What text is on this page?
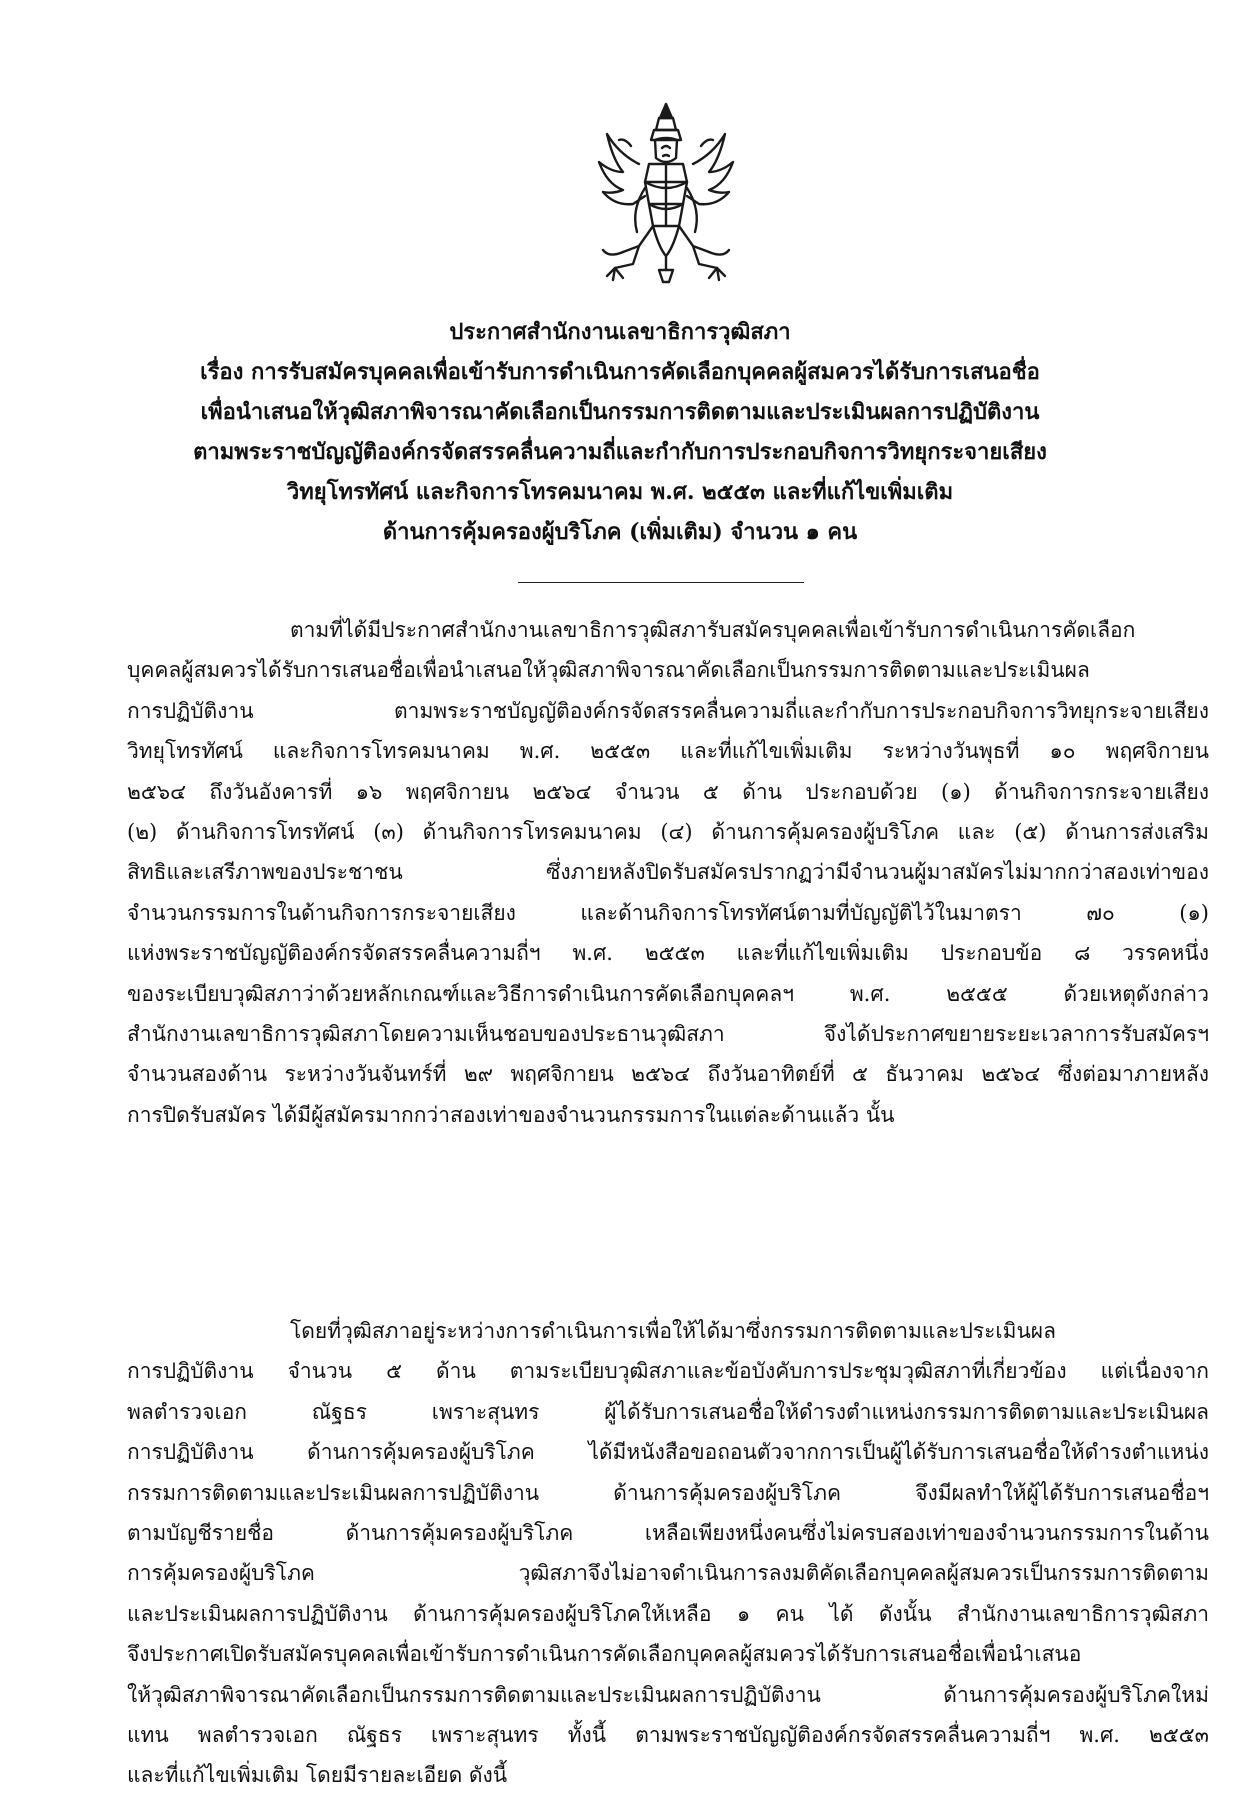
ประกาศสำนักงานเลขาธิการวุฒิสภา
เรื่อง การรับสมัครบุคคลเพื่อเข้ารับการดำเนินการคัดเลือกบุคคลผู้สมควรได้รับการเสนอชื่อ
เพื่อนำเสนอให้วุฒิสภาพิจารณาคัดเลือกเป็นกรรมการติดตามและประเมินผลการปฏิบัติงาน
ตามพระราชบัญญัติองค์กรจัดสรรคลื่นความถี่และกำกับการประกอบกิจการวิทยุกระจายเสียง
วิทยุโทรทัศน์ และกิจการโทรคมนาคม พ.ศ. ๒๕๕๓ และที่แก้ไขเพิ่มเติม
ด้านการคุ้มครองผู้บริโภค (เพิ่มเติม) จำนวน ๑ คน
ตามที่ได้มีประกาศสำนักงานเลขาธิการวุฒิสภารับสมัครบุคคลเพื่อเข้ารับการดำเนินการคัดเลือก
บุคคลผู้สมควรได้รับการเสนอชื่อเพื่อนำเสนอให้วุฒิสภาพิจารณาคัดเลือกเป็นกรรมการติดตามและประเมินผล
การปฏิบัติงาน ตามพระราชบัญญัติองค์กรจัดสรรคลื่นความถี่และกำกับการประกอบกิจการวิทยุกระจายเสียง
วิทยุโทรทัศน์ และกิจการโทรคมนาคม พ.ศ. ๒๕๕๓ และที่แก้ไขเพิ่มเติม ระหว่างวันพุธที่ ๑๐ พฤศจิกายน
๒๕๖๔ ถึงวันอังคารที่ ๑๖ พฤศจิกายน ๒๕๖๔ จำนวน ๕ ด้าน ประกอบด้วย (๑) ด้านกิจการกระจายเสียง
(๒) ด้านกิจการโทรทัศน์ (๓) ด้านกิจการโทรคมนาคม (๔) ด้านการคุ้มครองผู้บริโภค และ (๕) ด้านการส่งเสริม
สิทธิและเสรีภาพของประชาชน ซึ่งภายหลังปิดรับสมัครปรากฏว่ามีจำนวนผู้มาสมัครไม่มากกว่าสองเท่าของ
จำนวนกรรมการในด้านกิจการกระจายเสียง และด้านกิจการโทรทัศน์ตามที่บัญญัติไว้ในมาตรา ๗๐ (๑)
แห่งพระราชบัญญัติองค์กรจัดสรรคลื่นความถี่ฯ พ.ศ. ๒๕๕๓ และที่แก้ไขเพิ่มเติม ประกอบข้อ ๘ วรรคหนึ่ง
ของระเบียบวุฒิสภาว่าด้วยหลักเกณฑ์และวิธีการดำเนินการคัดเลือกบุคคลฯ พ.ศ. ๒๕๕๕ ด้วยเหตุดังกล่าว
สำนักงานเลขาธิการวุฒิสภาโดยความเห็นชอบของประธานวุฒิสภา จึงได้ประกาศขยายระยะเวลาการรับสมัครฯ
จำนวนสองด้าน ระหว่างวันจันทร์ที่ ๒๙ พฤศจิกายน ๒๕๖๔ ถึงวันอาทิตย์ที่ ๕ ธันวาคม ๒๕๖๔ ซึ่งต่อมาภายหลัง
การปิดรับสมัคร ได้มีผู้สมัครมากกว่าสองเท่าของจำนวนกรรมการในแต่ละด้านแล้ว นั้น
โดยที่วุฒิสภาอยู่ระหว่างการดำเนินการเพื่อให้ได้มาซึ่งกรรมการติดตามและประเมินผล
การปฏิบัติงาน จำนวน ๕ ด้าน ตามระเบียบวุฒิสภาและข้อบังคับการประชุมวุฒิสภาที่เกี่ยวข้อง แต่เนื่องจาก
พลตำรวจเอก ณัฐธร เพราะสุนทร ผู้ได้รับการเสนอชื่อให้ดำรงตำแหน่งกรรมการติดตามและประเมินผล
การปฏิบัติงาน ด้านการคุ้มครองผู้บริโภค ได้มีหนังสือขอถอนตัวจากการเป็นผู้ได้รับการเสนอชื่อให้ดำรงตำแหน่ง
กรรมการติดตามและประเมินผลการปฏิบัติงาน ด้านการคุ้มครองผู้บริโภค จึงมีผลทำให้ผู้ได้รับการเสนอชื่อฯ
ตามบัญชีรายชื่อ ด้านการคุ้มครองผู้บริโภค เหลือเพียงหนึ่งคนซึ่งไม่ครบสองเท่าของจำนวนกรรมการในด้าน
การคุ้มครองผู้บริโภค วุฒิสภาจึงไม่อาจดำเนินการลงมติคัดเลือกบุคคลผู้สมควรเป็นกรรมการติดตาม
และประเมินผลการปฏิบัติงาน ด้านการคุ้มครองผู้บริโภคให้เหลือ ๑ คน ได้ ดังนั้น สำนักงานเลขาธิการวุฒิสภา
จึงประกาศเปิดรับสมัครบุคคลเพื่อเข้ารับการดำเนินการคัดเลือกบุคคลผู้สมควรได้รับการเสนอชื่อเพื่อนำเสนอ
ให้วุฒิสภาพิจารณาคัดเลือกเป็นกรรมการติดตามและประเมินผลการปฏิบัติงาน ด้านการคุ้มครองผู้บริโภคใหม่
แทน พลตำรวจเอก ณัฐธร เพราะสุนทร ทั้งนี้ ตามพระราชบัญญัติองค์กรจัดสรรคลื่นความถี่ฯ พ.ศ. ๒๕๕๓
และที่แก้ไขเพิ่มเติม โดยมีรายละเอียด ดังนี้
